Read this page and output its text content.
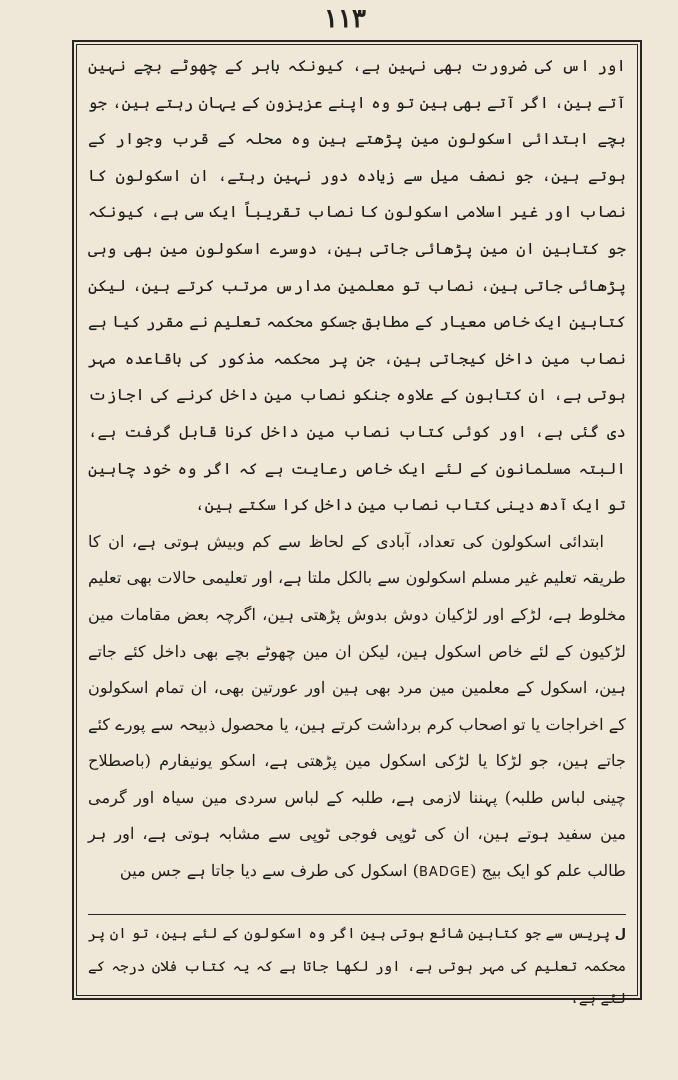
۱۱۳

اور اس کی ضرورت بھی نہین ہے، کیونکہ باہر کے چھوٹے بچے نہین آتے ہین، اگر آتے بھی ہین تو وہ اپنے عزیزون کے یہان رہتے ہین، جو بچے ابتدائی اسکولون مین پڑھتے ہین وہ محلہ کے قرب وجوار کے ہوتے ہین، جو نصف میل سے زیادہ دور نہین رہتے، ان اسکولون کا نصاب اور غیر اسلامی اسکولون کا نصاب تقریباً ایک سی ہے، کیونکہ جو کتابین ان مین پڑھائی جاتی ہین، دوسرے اسکولون مین بھی وہی پڑھائی جاتی ہین، نصاب تو معلمین مدارس مرتب کرتے ہین، لیکن کتابین ایک خاص معیار کے مطابق جسکو محکمہ تعلیم نے مقرر کیا ہے نصاب مین داخل کیجاتی ہین، جن پر محکمہ مذکور کی باقاعدہ مہر ہوتی ہے، ان کتابون کے علاوہ جنکو نصاب مین داخل کرنے کی اجازت دی گئی ہے، اور کوئی کتاب نصاب مین داخل کرنا قابل گرفت ہے، البتہ مسلمانون کے لئے ایک خاص رعایت ہے کہ اگر وہ خود چاہین تو ایک آدھ دینی کتاب نصاب مین داخل کرا سکتے ہین،

ابتدائی اسکولون کی تعداد، آبادی کے لحاظ سے کم وبیش ہوتی ہے، ان کا طریقہ تعلیم غیر مسلم اسکولون سے بالکل ملتا ہے، اور تعلیمی حالات بھی تعلیم مخلوط ہے، لڑکے اور لڑکیان دوش بدوش پڑھتی ہین، اگرچہ بعض مقامات مین لڑکیون کے لئے خاص اسکول ہین، لیکن ان مین چھوٹے بچے بھی داخل کئے جاتے ہین، اسکول کے معلمین مین مرد بھی ہین اور عورتین بھی، ان تمام اسکولون کے اخراجات یا تو اصحاب کرم برداشت کرتے ہین، یا محصول ذبیحہ سے پورے کئے جاتے ہین، جو لڑکا یا لڑکی اسکول مین پڑھتی ہے، اسکو یونیفارم (باصطلاح چینی لباس طلبہ) پہننا لازمی ہے، طلبہ کے لباس سردی مین سیاہ اور گرمی مین سفید ہوتے ہین، ان کی ٹوپی فوجی ٹوپی سے مشابہ ہوتی ہے، اور ہر طالب علم کو ایک بیج (BADGE) اسکول کی طرف سے دیا جاتا ہے جس مین

ل پریس سے جو کتابین شائع ہوتی ہین اگر وہ اسکولون کے لئے ہین، تو ان پر محکمہ تعلیم کی مہر ہوتی ہے، اور لکھا جاتا ہے کہ یہ کتاب فلان درجہ کے لئے ہے،
